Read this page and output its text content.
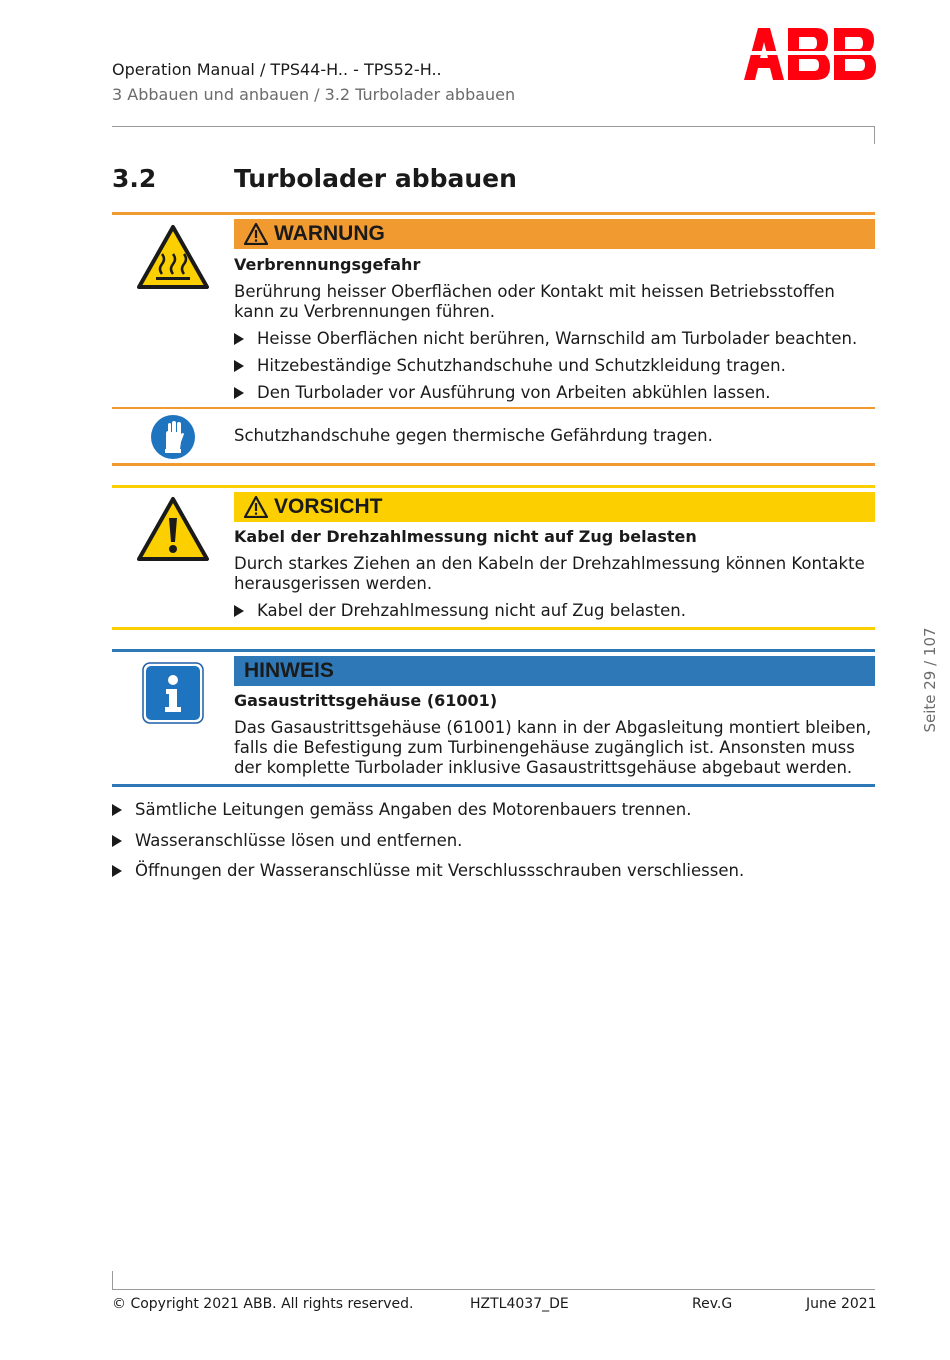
Operation Manual / TPS44-H.. - TPS52-H..
3 Abbauen und anbauen / 3.2 Turbolader abbauen
3.2	Turbolader abbauen
WARNUNG
Verbrennungsgefahr
Berührung heisser Oberflächen oder Kontakt mit heissen Betriebsstoffen
kann zu Verbrennungen führen.
Heisse Oberflächen nicht berühren, Warnschild am Turbolader beachten.
Hitzebeständige Schutzhandschuhe und Schutzkleidung tragen.
Den Turbolader vor Ausführung von Arbeiten abkühlen lassen.
Schutzhandschuhe gegen thermische Gefährdung tragen.
VORSICHT
Kabel der Drehzahlmessung nicht auf Zug belasten
Durch starkes Ziehen an den Kabeln der Drehzahlmessung können Kontakte
herausgerissen werden.
Kabel der Drehzahlmessung nicht auf Zug belasten.
HINWEIS
Gasaustrittsgehäuse (61001)
Das Gasaustrittsgehäuse (61001) kann in der Abgasleitung montiert bleiben,
falls die Befestigung zum Turbinengehäuse zugänglich ist. Ansonsten muss
der komplette Turbolader inklusive Gasaustrittsgehäuse abgebaut werden.
Sämtliche Leitungen gemäss Angaben des Motorenbauers trennen.
Wasseranschlüsse lösen und entfernen.
Öffnungen der Wasseranschlüsse mit Verschlussschrauben verschliessen.
Seite 29 / 107
© Copyright 2021 ABB. All rights reserved.	HZTL4037_DE	Rev.G	June 2021
